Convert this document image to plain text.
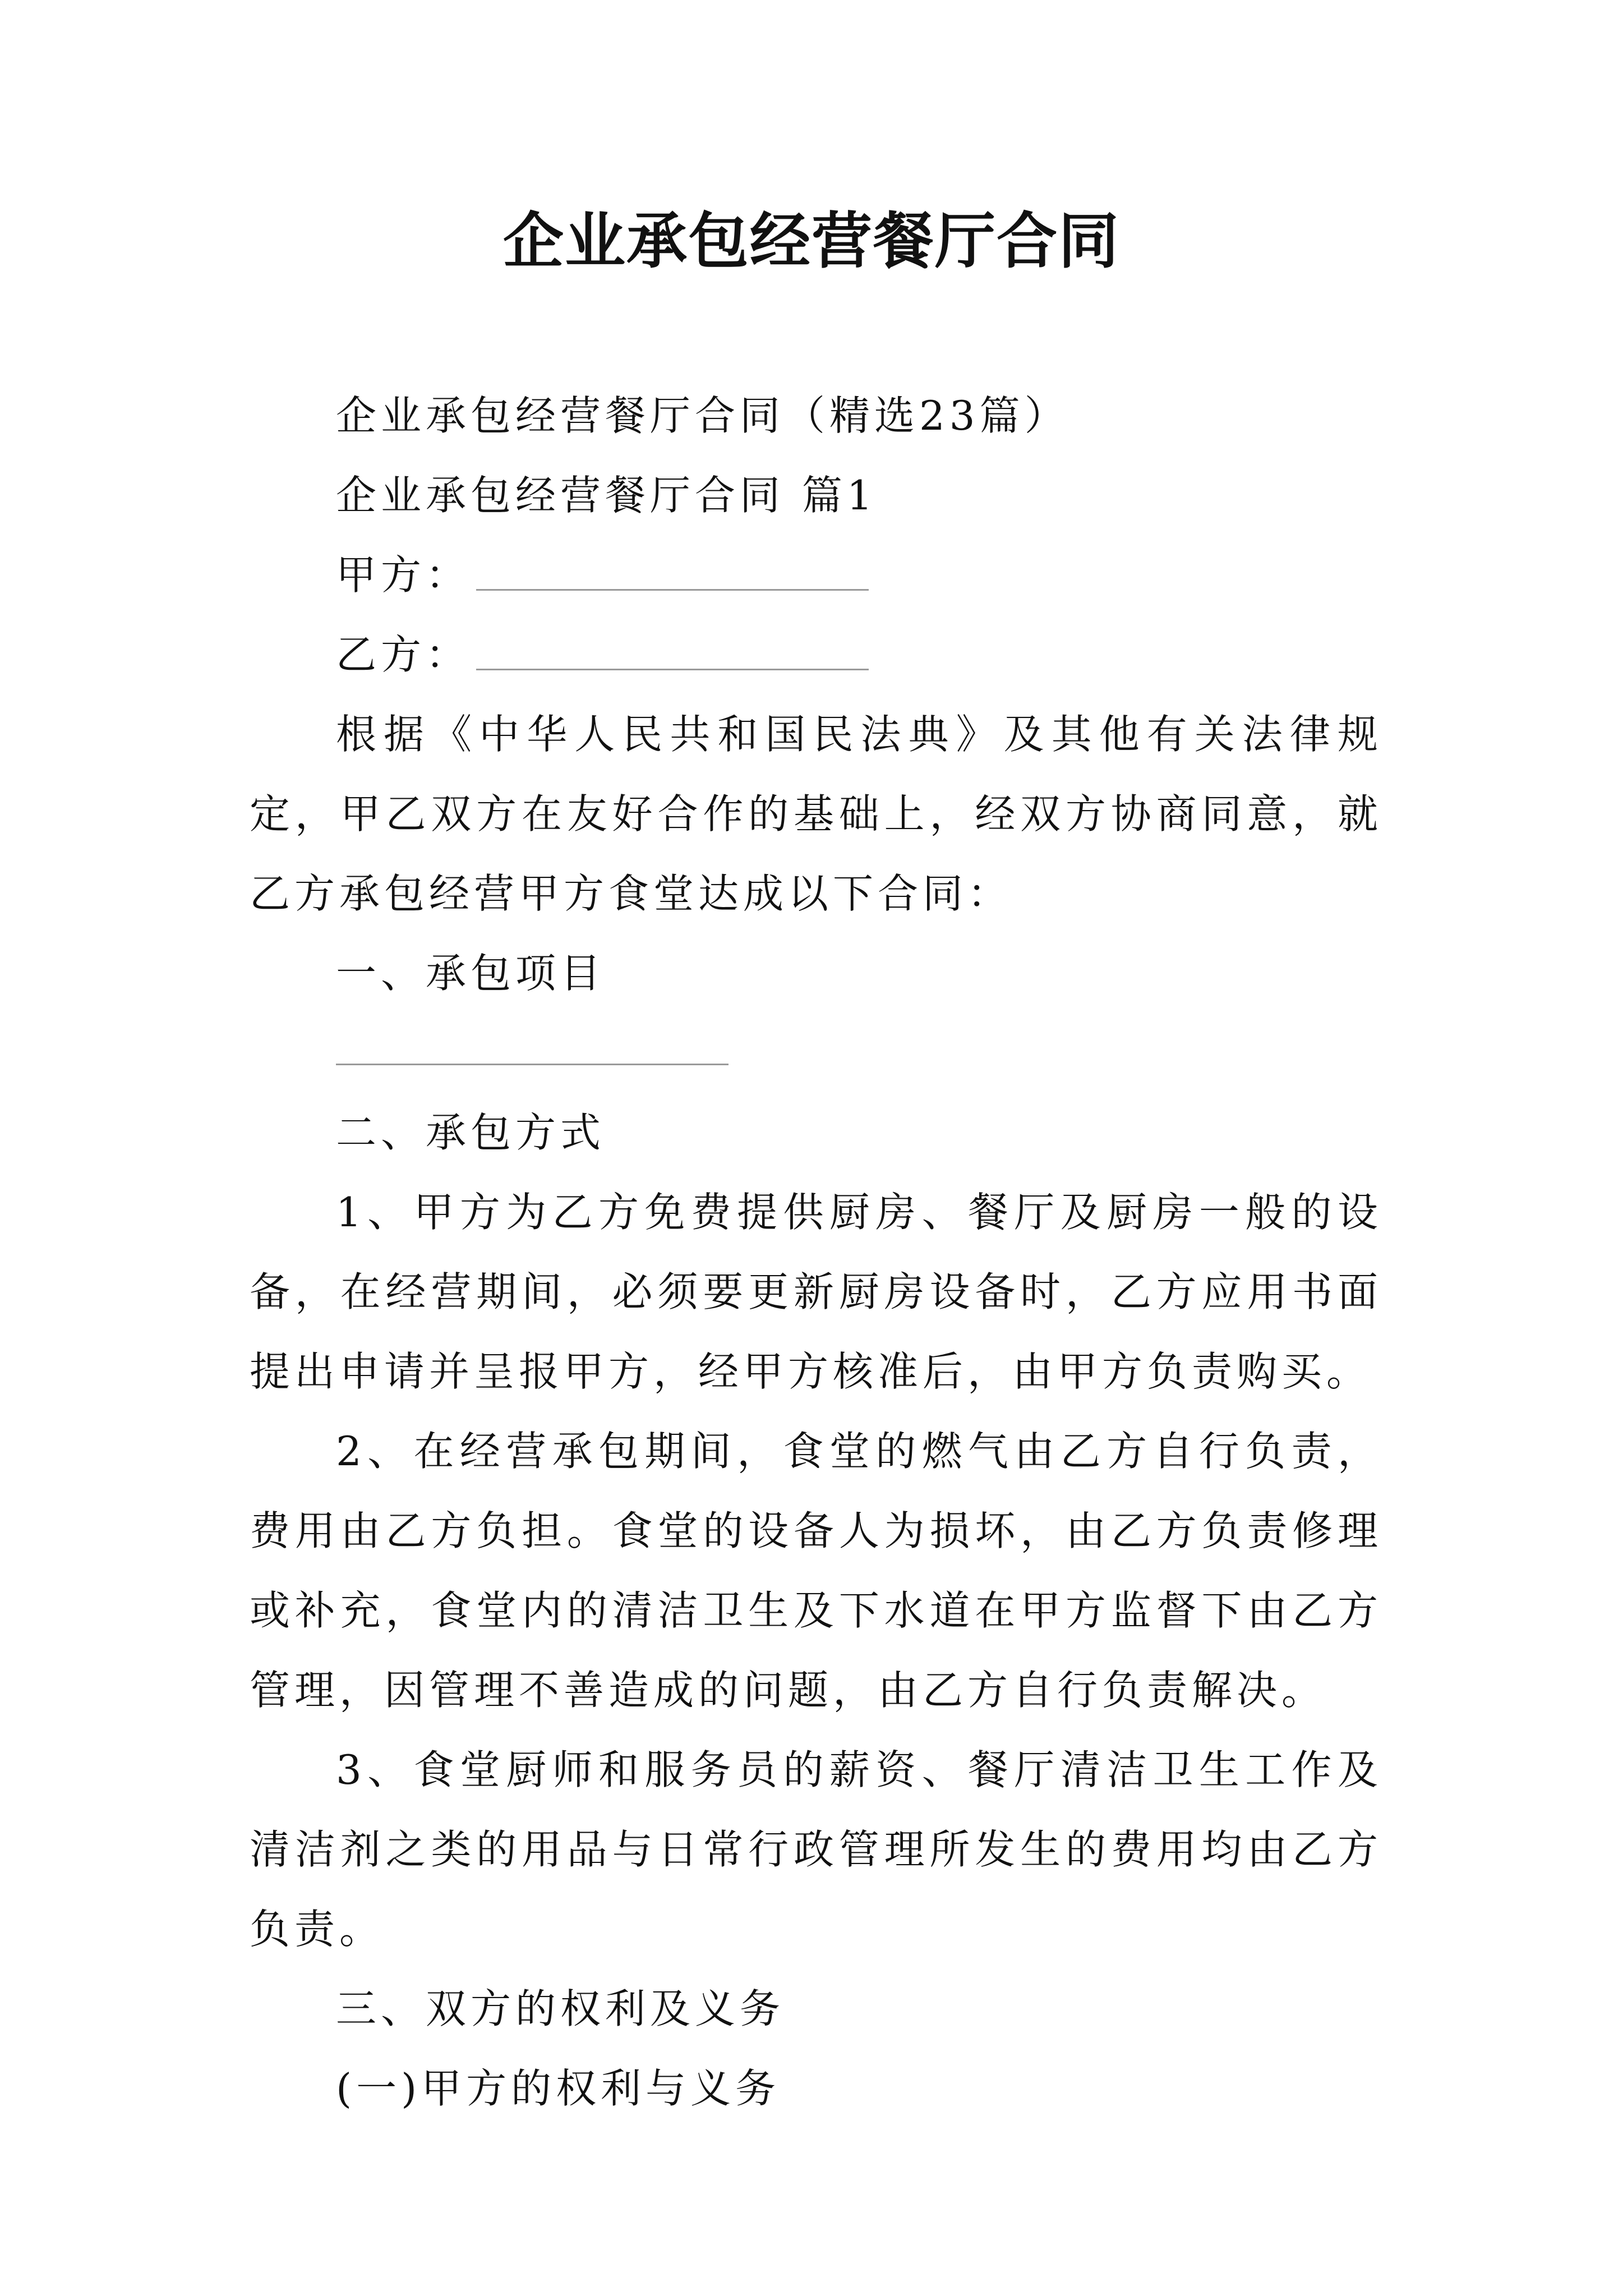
企业承包经营餐厅合同

企业承包经营餐厅合同（精选23篇）

企业承包经营餐厅合同 篇1

甲方：

乙方：

根据《中华人民共和国民法典》及其他有关法律规定，甲乙双方在友好合作的基础上，经双方协商同意，就乙方承包经营甲方食堂达成以下合同：

一、承包项目

二、承包方式

1、甲方为乙方免费提供厨房、餐厅及厨房一般的设备，在经营期间，必须要更新厨房设备时，乙方应用书面提出申请并呈报甲方，经甲方核准后，由甲方负责购买。

2、在经营承包期间，食堂的燃气由乙方自行负责，费用由乙方负担。食堂的设备人为损坏，由乙方负责修理或补充，食堂内的清洁卫生及下水道在甲方监督下由乙方管理，因管理不善造成的问题，由乙方自行负责解决。

3、食堂厨师和服务员的薪资、餐厅清洁卫生工作及清洁剂之类的用品与日常行政管理所发生的费用均由乙方负责。

三、双方的权利及义务

(一)甲方的权利与义务
